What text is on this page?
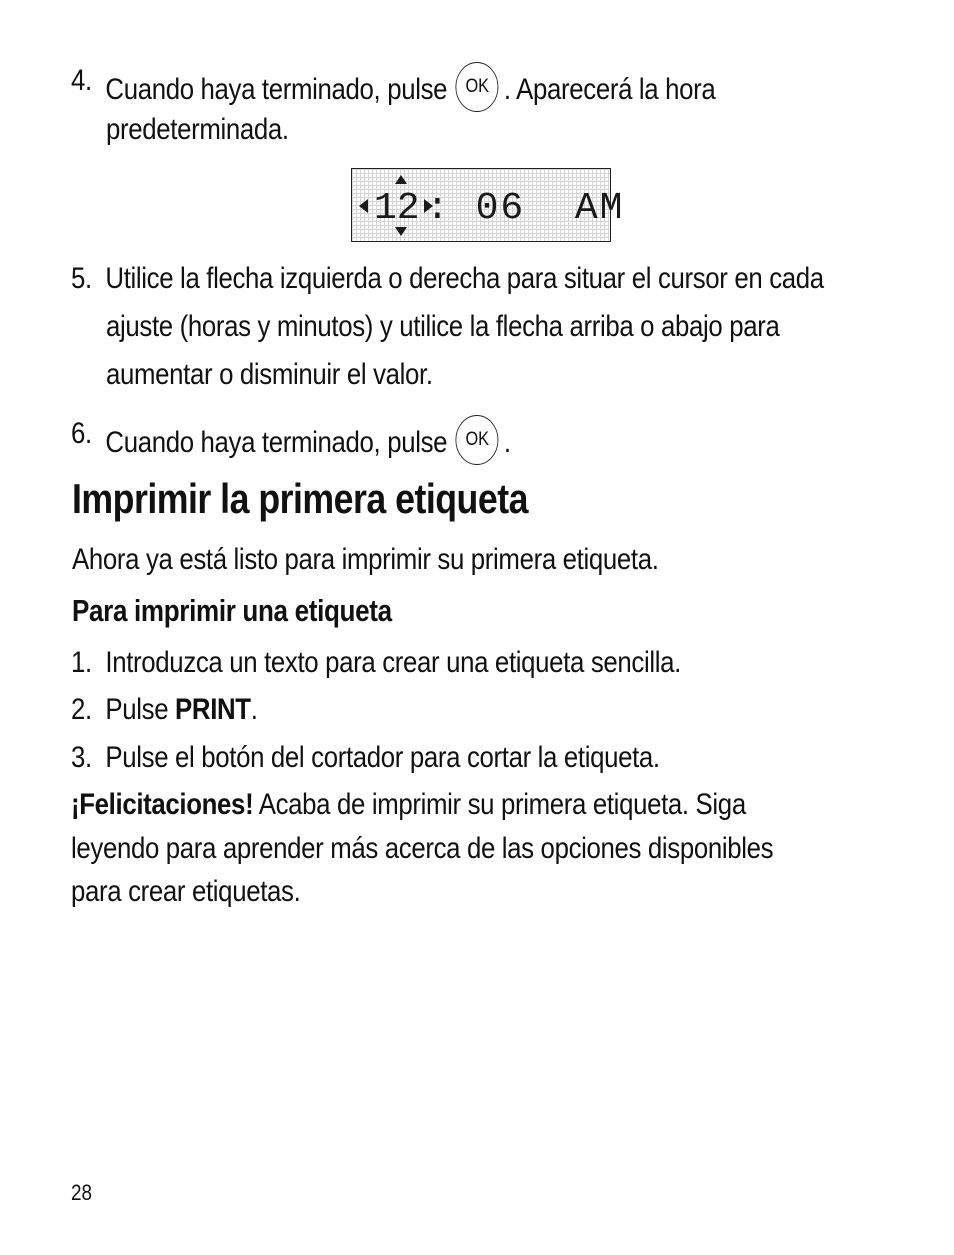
4. Cuando haya terminado, pulse OK . Aparecerá la hora
predeterminada.
12 : 06  AM
5. Utilice la flecha izquierda o derecha para situar el cursor en cada
ajuste (horas y minutos) y utilice la flecha arriba o abajo para
aumentar o disminuir el valor.
6. Cuando haya terminado, pulse OK .
Imprimir la primera etiqueta
Ahora ya está listo para imprimir su primera etiqueta.
Para imprimir una etiqueta
1. Introduzca un texto para crear una etiqueta sencilla.
2. Pulse PRINT.
3. Pulse el botón del cortador para cortar la etiqueta.
¡Felicitaciones! Acaba de imprimir su primera etiqueta. Siga
leyendo para aprender más acerca de las opciones disponibles
para crear etiquetas.
28
